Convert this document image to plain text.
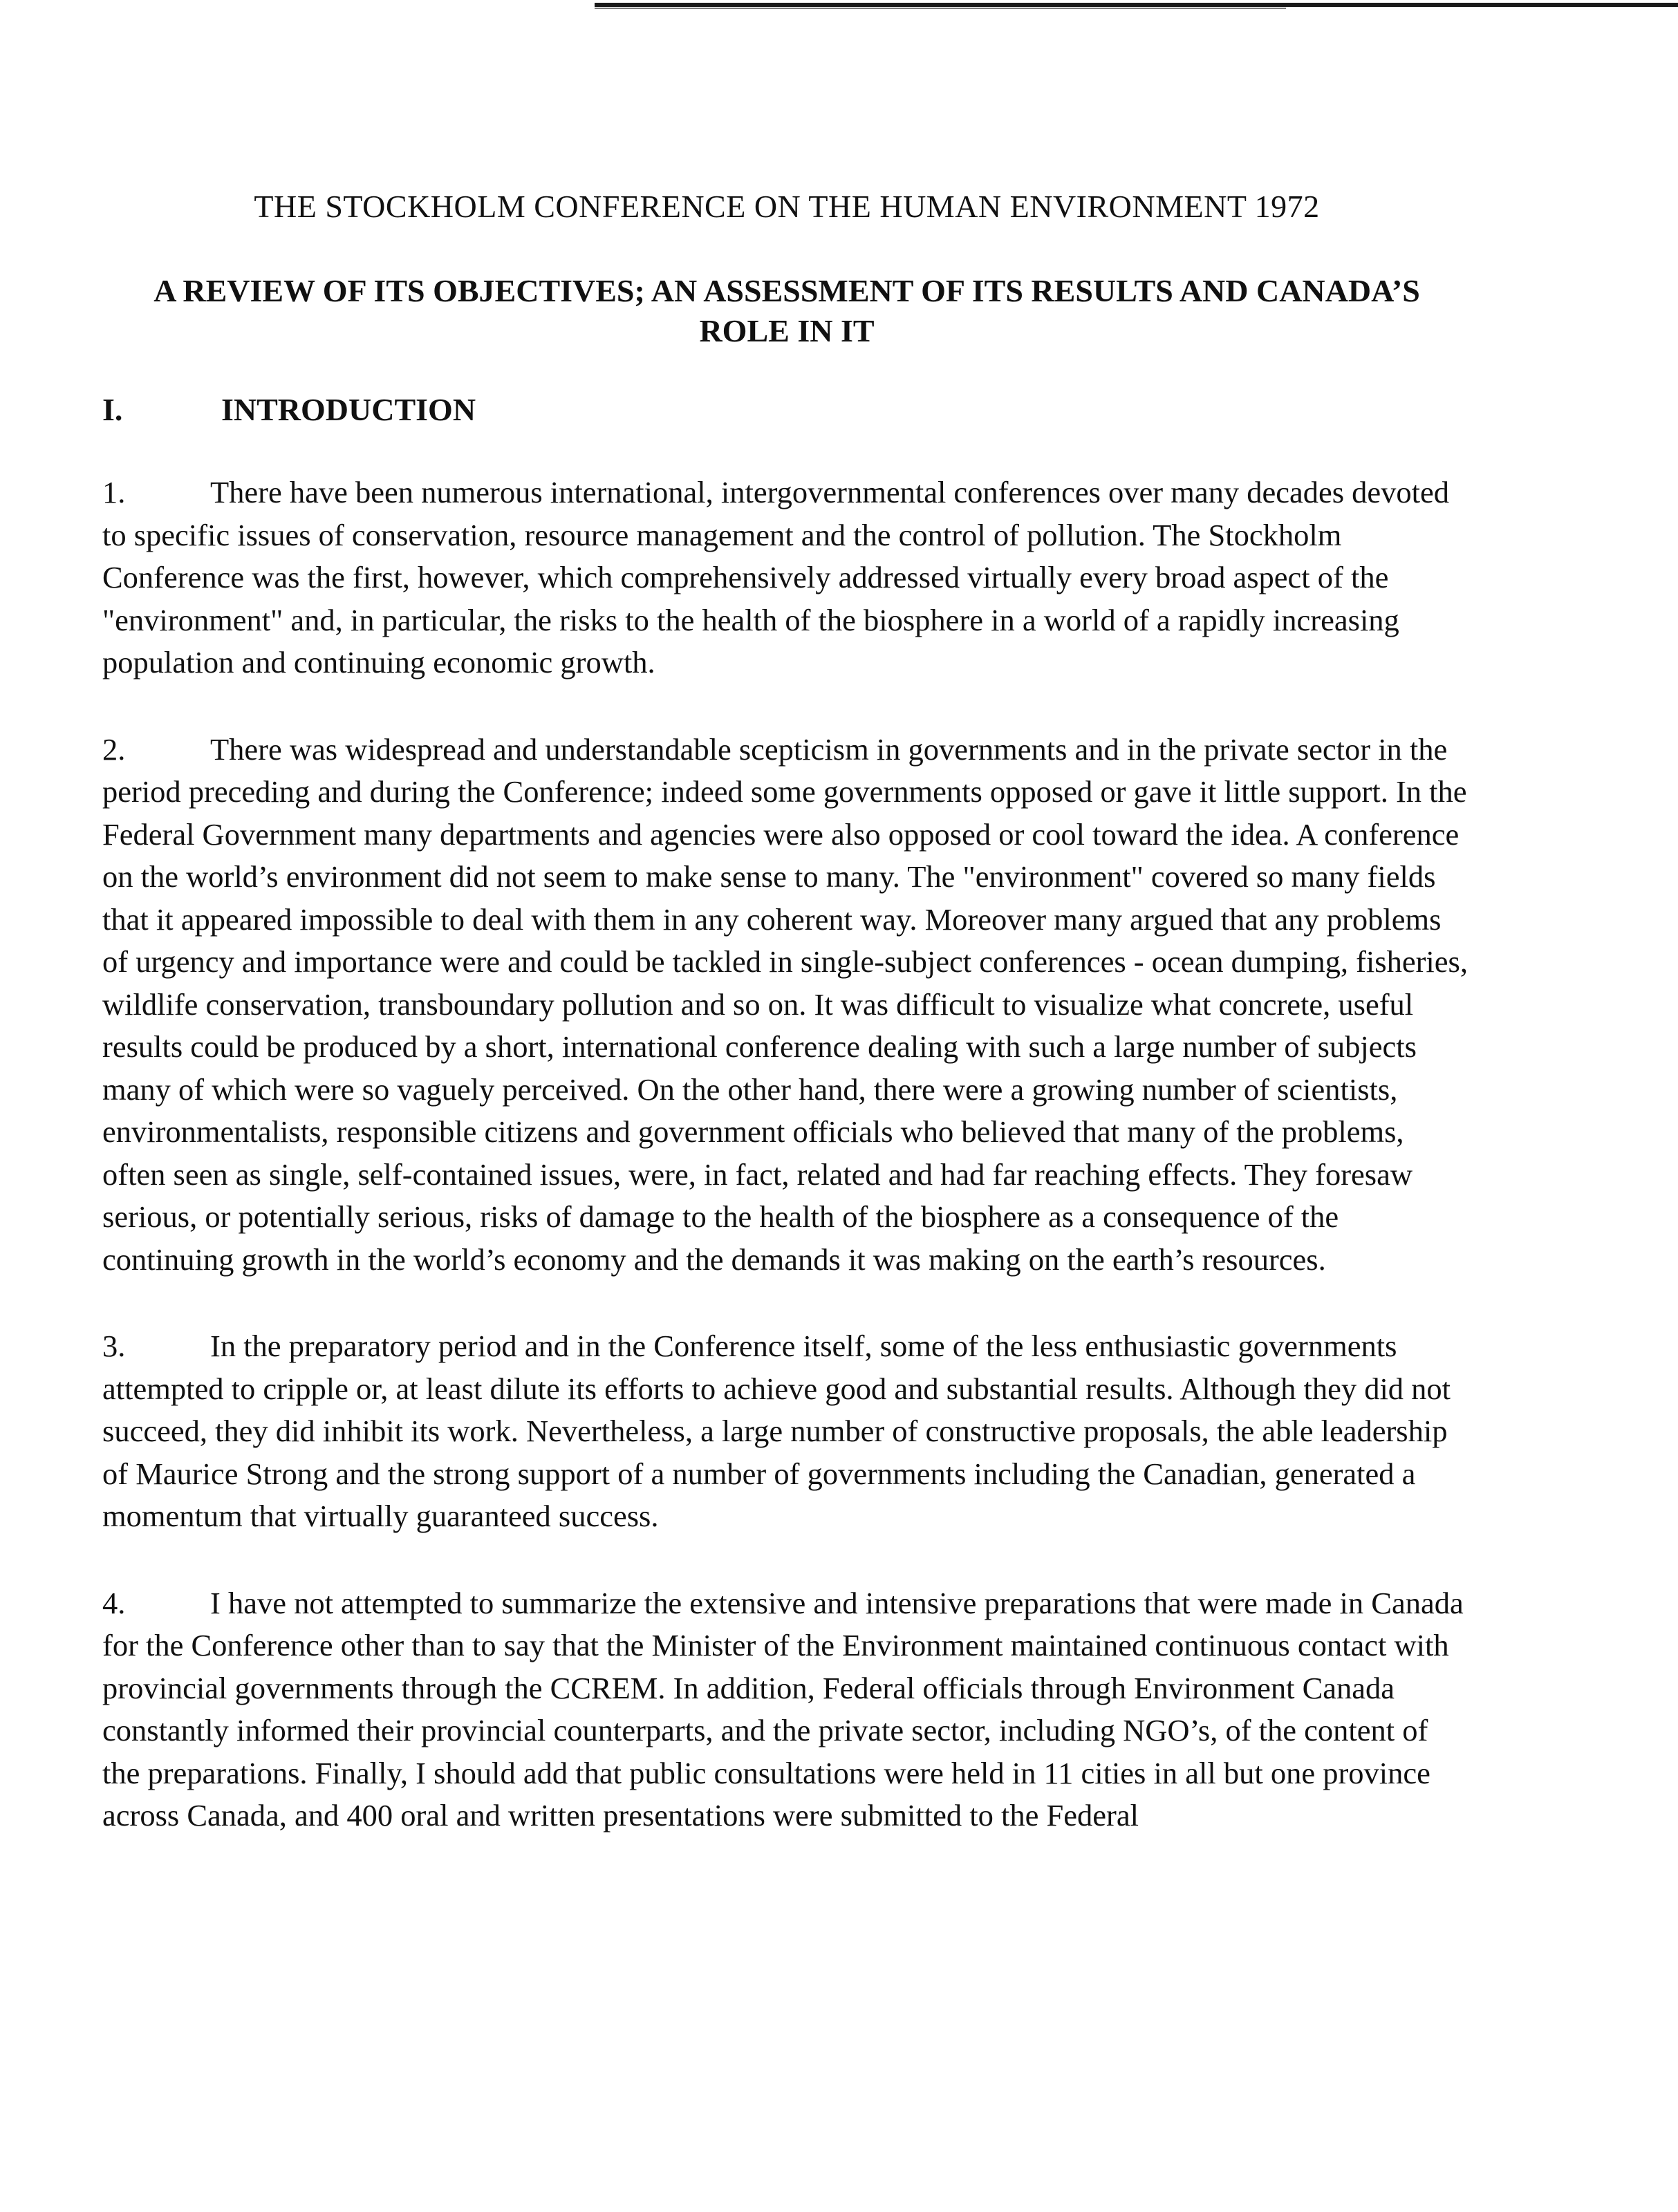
THE STOCKHOLM CONFERENCE ON THE HUMAN ENVIRONMENT 1972
A REVIEW OF ITS OBJECTIVES; AN ASSESSMENT OF ITS RESULTS AND CANADA’S ROLE IN IT
I.	INTRODUCTION
1.	There have been numerous international, intergovernmental conferences over many decades devoted to specific issues of conservation, resource management and the control of pollution. The Stockholm Conference was the first, however, which comprehensively addressed virtually every broad aspect of the "environment" and, in particular, the risks to the health of the biosphere in a world of a rapidly increasing population and continuing economic growth.
2.	There was widespread and understandable scepticism in governments and in the private sector in the period preceding and during the Conference; indeed some governments opposed or gave it little support. In the Federal Government many departments and agencies were also opposed or cool toward the idea. A conference on the world’s environment did not seem to make sense to many. The "environment" covered so many fields that it appeared impossible to deal with them in any coherent way. Moreover many argued that any problems of urgency and importance were and could be tackled in single-subject conferences - ocean dumping, fisheries, wildlife conservation, transboundary pollution and so on. It was difficult to visualize what concrete, useful results could be produced by a short, international conference dealing with such a large number of subjects many of which were so vaguely perceived. On the other hand, there were a growing number of scientists, environmentalists, responsible citizens and government officials who believed that many of the problems, often seen as single, self-contained issues, were, in fact, related and had far reaching effects. They foresaw serious, or potentially serious, risks of damage to the health of the biosphere as a consequence of the continuing growth in the world’s economy and the demands it was making on the earth’s resources.
3.	In the preparatory period and in the Conference itself, some of the less enthusiastic governments attempted to cripple or, at least dilute its efforts to achieve good and substantial results. Although they did not succeed, they did inhibit its work. Nevertheless, a large number of constructive proposals, the able leadership of Maurice Strong and the strong support of a number of governments including the Canadian, generated a momentum that virtually guaranteed success.
4.	I have not attempted to summarize the extensive and intensive preparations that were made in Canada for the Conference other than to say that the Minister of the Environment maintained continuous contact with provincial governments through the CCREM. In addition, Federal officials through Environment Canada constantly informed their provincial counterparts, and the private sector, including NGO’s, of the content of the preparations. Finally, I should add that public consultations were held in 11 cities in all but one province across Canada, and 400 oral and written presentations were submitted to the Federal
